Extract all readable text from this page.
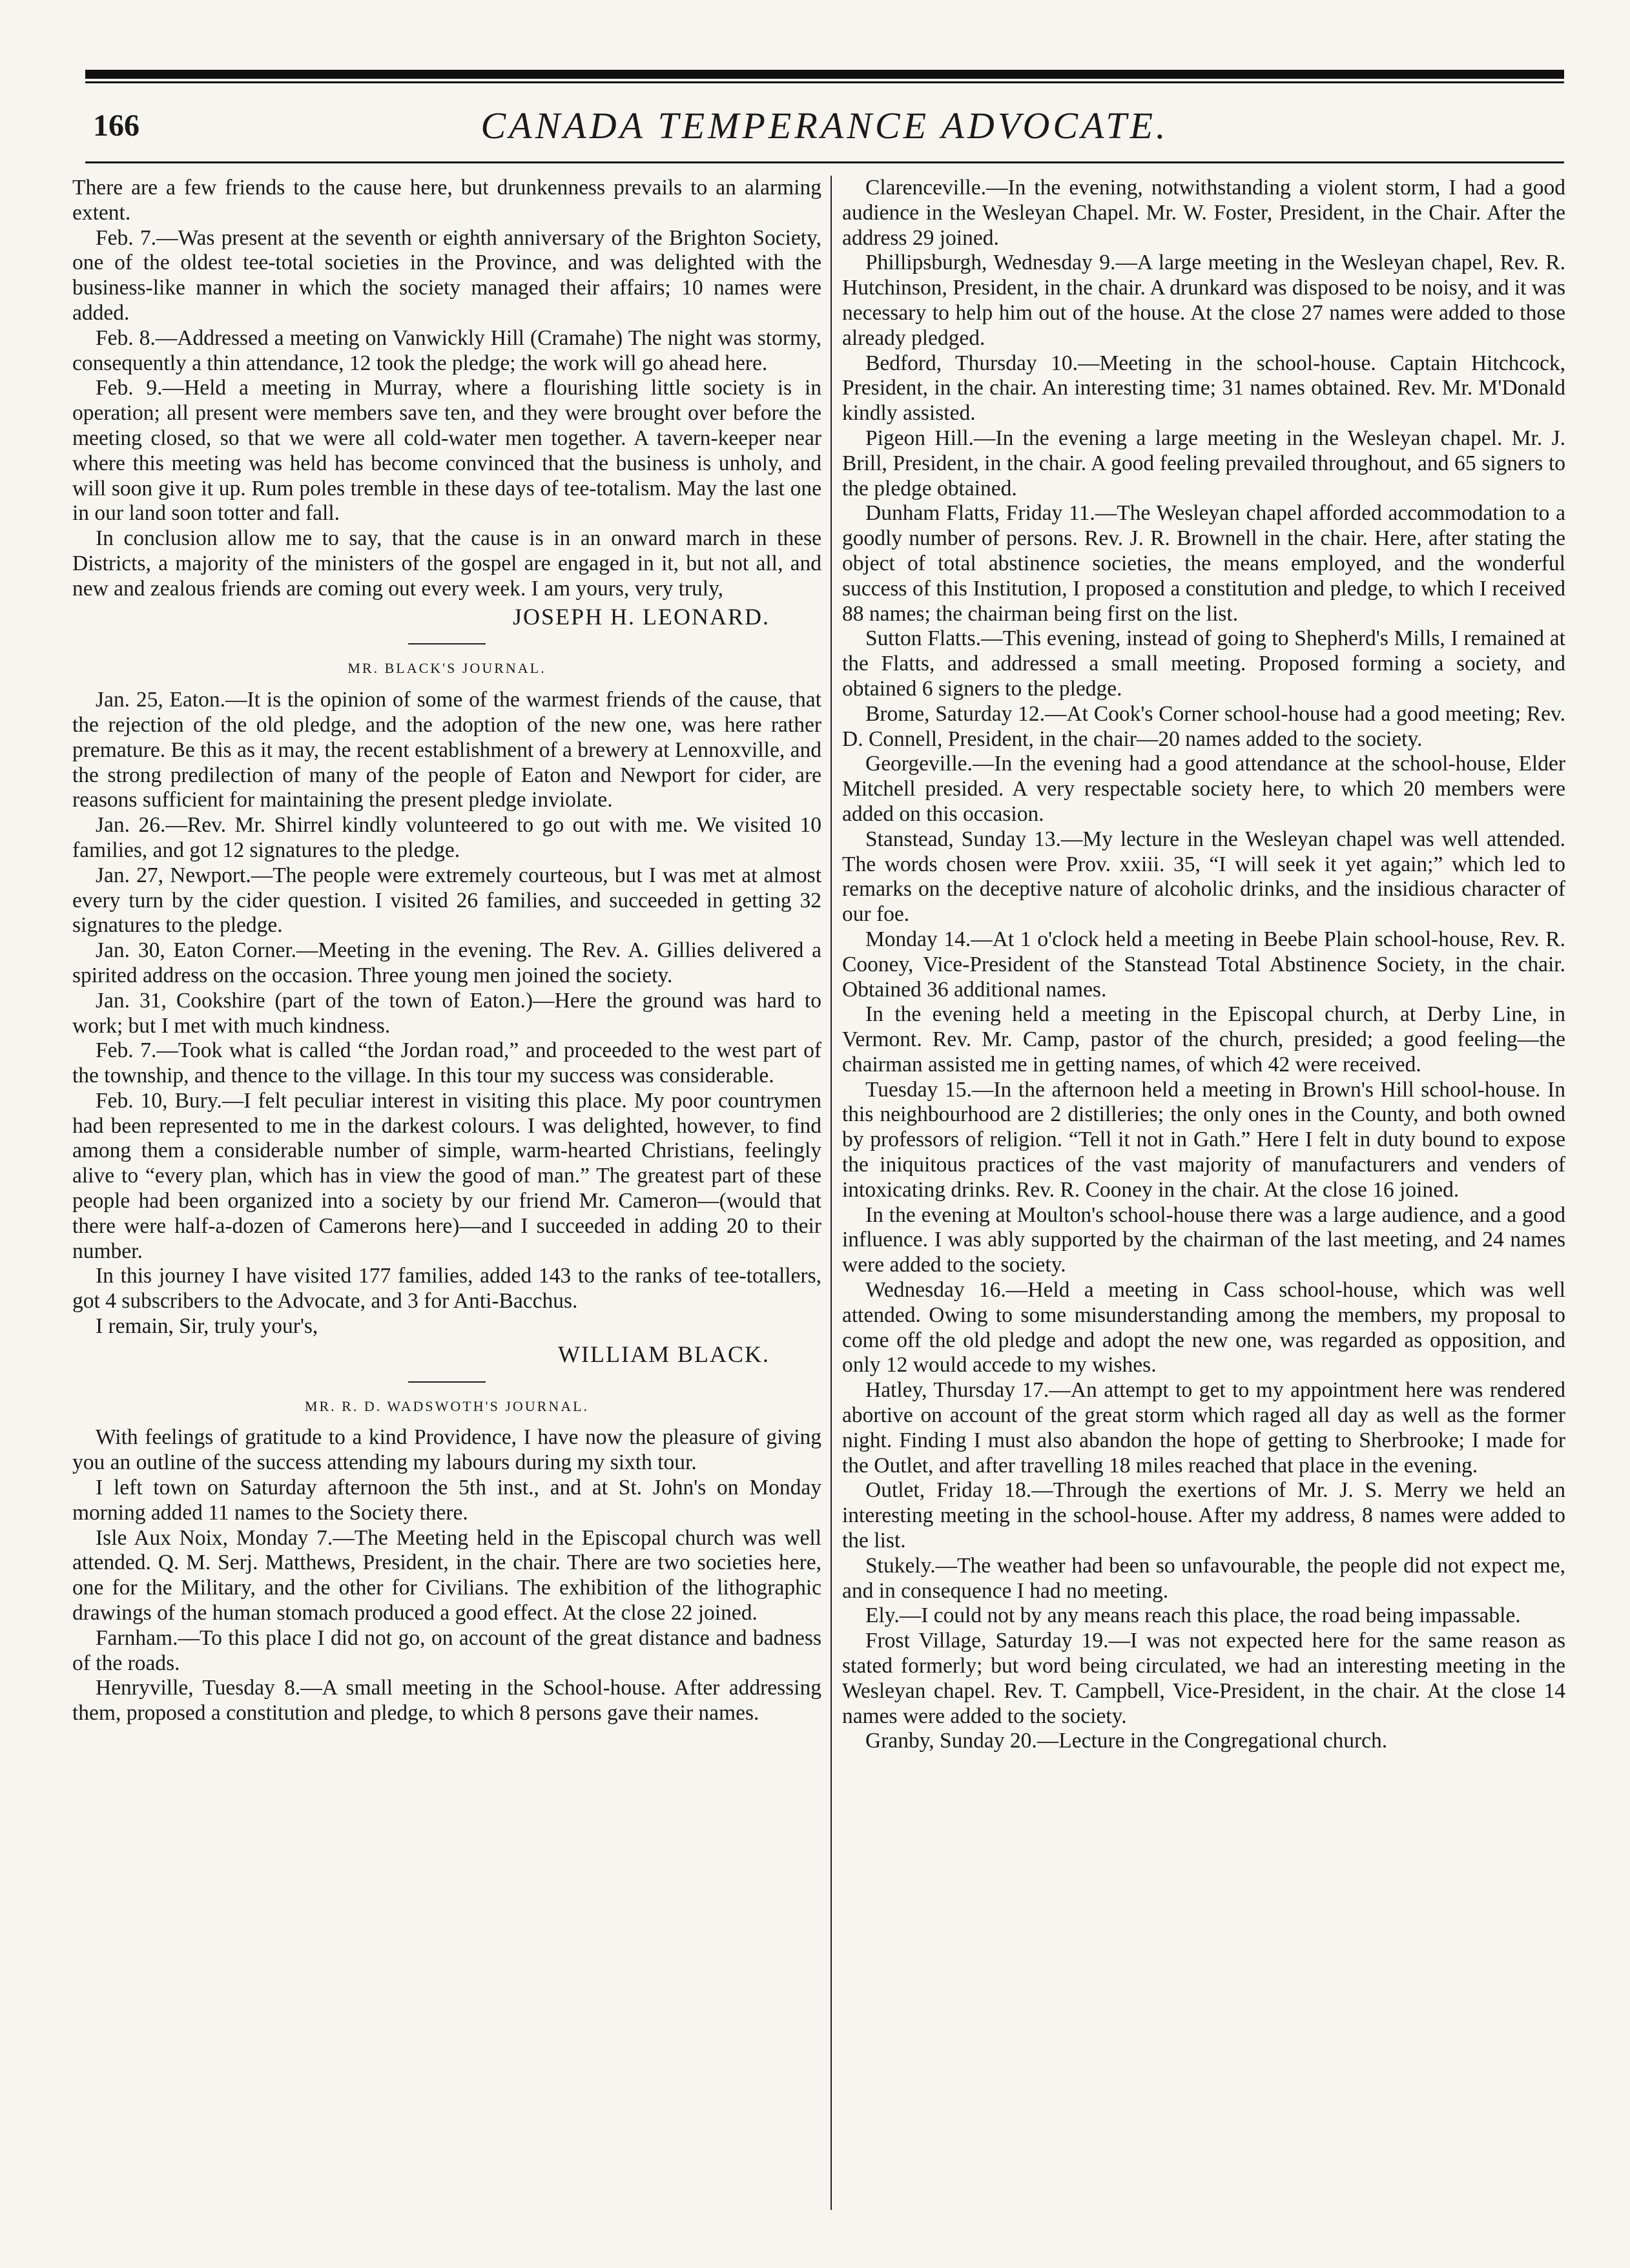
166	CANADA TEMPERANCE ADVOCATE.

There are a few friends to the cause here, but drunkenness prevails to an alarming extent.

Feb. 7.—Was present at the seventh or eighth anniversary of the Brighton Society, one of the oldest tee-total societies in the Province, and was delighted with the business-like manner in which the society managed their affairs; 10 names were added.

Feb. 8.—Addressed a meeting on Vanwickly Hill (Cramahe) The night was stormy, consequently a thin attendance, 12 took the pledge; the work will go ahead here.

Feb. 9.—Held a meeting in Murray, where a flourishing little society is in operation; all present were members save ten, and they were brought over before the meeting closed, so that we were all cold-water men together. A tavern-keeper near where this meeting was held has become convinced that the business is unholy, and will soon give it up. Rum poles tremble in these days of tee-totalism. May the last one in our land soon totter and fall.

In conclusion allow me to say, that the cause is in an onward march in these Districts, a majority of the ministers of the gospel are engaged in it, but not all, and new and zealous friends are coming out every week. I am yours, very truly,

JOSEPH H. LEONARD.
MR. BLACK'S JOURNAL.

Jan. 25, Eaton.—It is the opinion of some of the warmest friends of the cause, that the rejection of the old pledge, and the adoption of the new one, was here rather premature. Be this as it may, the recent establishment of a brewery at Lennoxville, and the strong predilection of many of the people of Eaton and Newport for cider, are reasons sufficient for maintaining the present pledge inviolate.

Jan. 26.—Rev. Mr. Shirrel kindly volunteered to go out with me. We visited 10 families, and got 12 signatures to the pledge.

Jan. 27, Newport.—The people were extremely courteous, but I was met at almost every turn by the cider question. I visited 26 families, and succeeded in getting 32 signatures to the pledge.

Jan. 30, Eaton Corner.—Meeting in the evening. The Rev. A. Gillies delivered a spirited address on the occasion. Three young men joined the society.

Jan. 31, Cookshire (part of the town of Eaton.)—Here the ground was hard to work; but I met with much kindness.

Feb. 7.—Took what is called “the Jordan road,” and proceeded to the west part of the township, and thence to the village. In this tour my success was considerable.

Feb. 10, Bury.—I felt peculiar interest in visiting this place. My poor countrymen had been represented to me in the darkest colours. I was delighted, however, to find among them a considerable number of simple, warm-hearted Christians, feelingly alive to “every plan, which has in view the good of man.” The greatest part of these people had been organized into a society by our friend Mr. Cameron—(would that there were half-a-dozen of Camerons here)—and I succeeded in adding 20 to their number.

In this journey I have visited 177 families, added 143 to the ranks of tee-totallers, got 4 subscribers to the Advocate, and 3 for Anti-Bacchus.

I remain, Sir, truly your's,

WILLIAM BLACK.
MR. R. D. WADSWOTH'S JOURNAL.

With feelings of gratitude to a kind Providence, I have now the pleasure of giving you an outline of the success attending my labours during my sixth tour.

I left town on Saturday afternoon the 5th inst., and at St. John's on Monday morning added 11 names to the Society there.

Isle Aux Noix, Monday 7.—The Meeting held in the Episcopal church was well attended. Q. M. Serj. Matthews, President, in the chair. There are two societies here, one for the Military, and the other for Civilians. The exhibition of the lithographic drawings of the human stomach produced a good effect. At the close 22 joined.

Farnham.—To this place I did not go, on account of the great distance and badness of the roads.

Henryville, Tuesday 8.—A small meeting in the School-house. After addressing them, proposed a constitution and pledge, to which 8 persons gave their names.

Clarenceville.—In the evening, notwithstanding a violent storm, I had a good audience in the Wesleyan Chapel. Mr. W. Foster, President, in the Chair. After the address 29 joined.

Phillipsburgh, Wednesday 9.—A large meeting in the Wesleyan chapel, Rev. R. Hutchinson, President, in the chair. A drunkard was disposed to be noisy, and it was necessary to help him out of the house. At the close 27 names were added to those already pledged.

Bedford, Thursday 10.—Meeting in the school-house. Captain Hitchcock, President, in the chair. An interesting time; 31 names obtained. Rev. Mr. M'Donald kindly assisted.

Pigeon Hill.—In the evening a large meeting in the Wesleyan chapel. Mr. J. Brill, President, in the chair. A good feeling prevailed throughout, and 65 signers to the pledge obtained.

Dunham Flatts, Friday 11.—The Wesleyan chapel afforded accommodation to a goodly number of persons. Rev. J. R. Brownell in the chair. Here, after stating the object of total abstinence societies, the means employed, and the wonderful success of this Institution, I proposed a constitution and pledge, to which I received 88 names; the chairman being first on the list.

Sutton Flatts.—This evening, instead of going to Shepherd's Mills, I remained at the Flatts, and addressed a small meeting. Proposed forming a society, and obtained 6 signers to the pledge.

Brome, Saturday 12.—At Cook's Corner school-house had a good meeting; Rev. D. Connell, President, in the chair—20 names added to the society.

Georgeville.—In the evening had a good attendance at the school-house, Elder Mitchell presided. A very respectable society here, to which 20 members were added on this occasion.

Stanstead, Sunday 13.—My lecture in the Wesleyan chapel was well attended. The words chosen were Prov. xxiii. 35, “I will seek it yet again;” which led to remarks on the deceptive nature of alcoholic drinks, and the insidious character of our foe.

Monday 14.—At 1 o'clock held a meeting in Beebe Plain school-house, Rev. R. Cooney, Vice-President of the Stanstead Total Abstinence Society, in the chair. Obtained 36 additional names.

In the evening held a meeting in the Episcopal church, at Derby Line, in Vermont. Rev. Mr. Camp, pastor of the church, presided; a good feeling—the chairman assisted me in getting names, of which 42 were received.

Tuesday 15.—In the afternoon held a meeting in Brown's Hill school-house. In this neighbourhood are 2 distilleries; the only ones in the County, and both owned by professors of religion. “Tell it not in Gath.” Here I felt in duty bound to expose the iniquitous practices of the vast majority of manufacturers and venders of intoxicating drinks. Rev. R. Cooney in the chair. At the close 16 joined.

In the evening at Moulton's school-house there was a large audience, and a good influence. I was ably supported by the chairman of the last meeting, and 24 names were added to the society.

Wednesday 16.—Held a meeting in Cass school-house, which was well attended. Owing to some misunderstanding among the members, my proposal to come off the old pledge and adopt the new one, was regarded as opposition, and only 12 would accede to my wishes.

Hatley, Thursday 17.—An attempt to get to my appointment here was rendered abortive on account of the great storm which raged all day as well as the former night. Finding I must also abandon the hope of getting to Sherbrooke; I made for the Outlet, and after travelling 18 miles reached that place in the evening.

Outlet, Friday 18.—Through the exertions of Mr. J. S. Merry we held an interesting meeting in the school-house. After my address, 8 names were added to the list.

Stukely.—The weather had been so unfavourable, the people did not expect me, and in consequence I had no meeting.

Ely.—I could not by any means reach this place, the road being impassable.

Frost Village, Saturday 19.—I was not expected here for the same reason as stated formerly; but word being circulated, we had an interesting meeting in the Wesleyan chapel. Rev. T. Campbell, Vice-President, in the chair. At the close 14 names were added to the society.

Granby, Sunday 20.—Lecture in the Congregational church.
